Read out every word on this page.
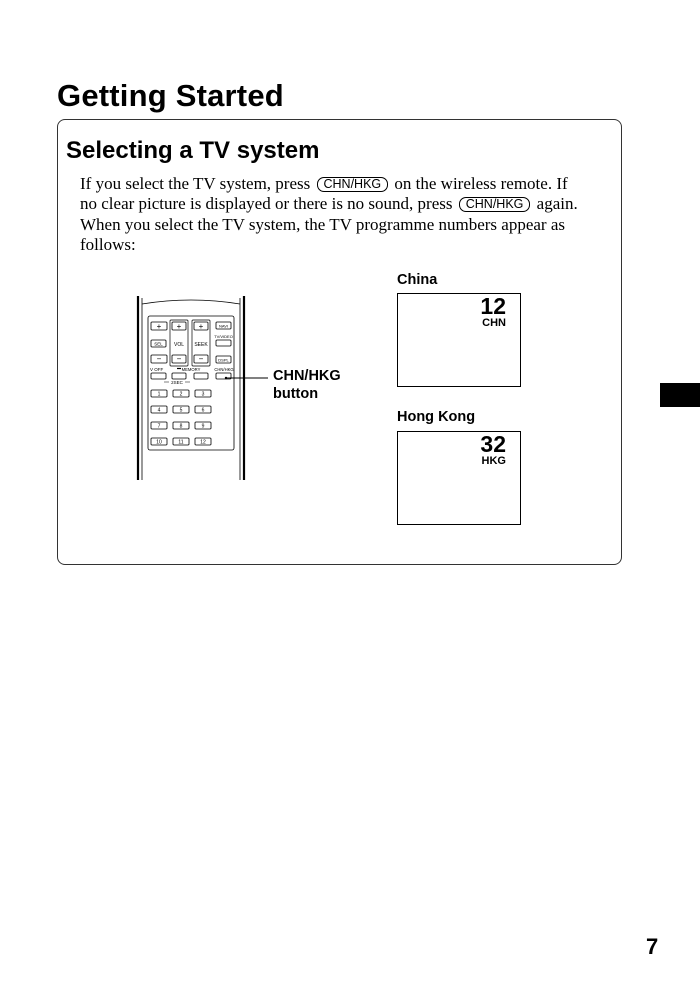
Getting Started
Selecting a TV system
If you select the TV system, press CHN/HKG on the wireless remote. If no clear picture is displayed or there is no sound, press CHN/HKG again. When you select the TV system, the TV programme numbers appear as follows:
+ + +	NAVI
SEL VOL SEEK
TV/VIDEO
− − −	DSPL
V OFF	MEMORY	CHN/HKG
2SEC
1	2	3
4	5	6
7	8	9
10	11	12
CHN/HKG
button
China
12
CHN
Hong Kong
32
HKG
7
